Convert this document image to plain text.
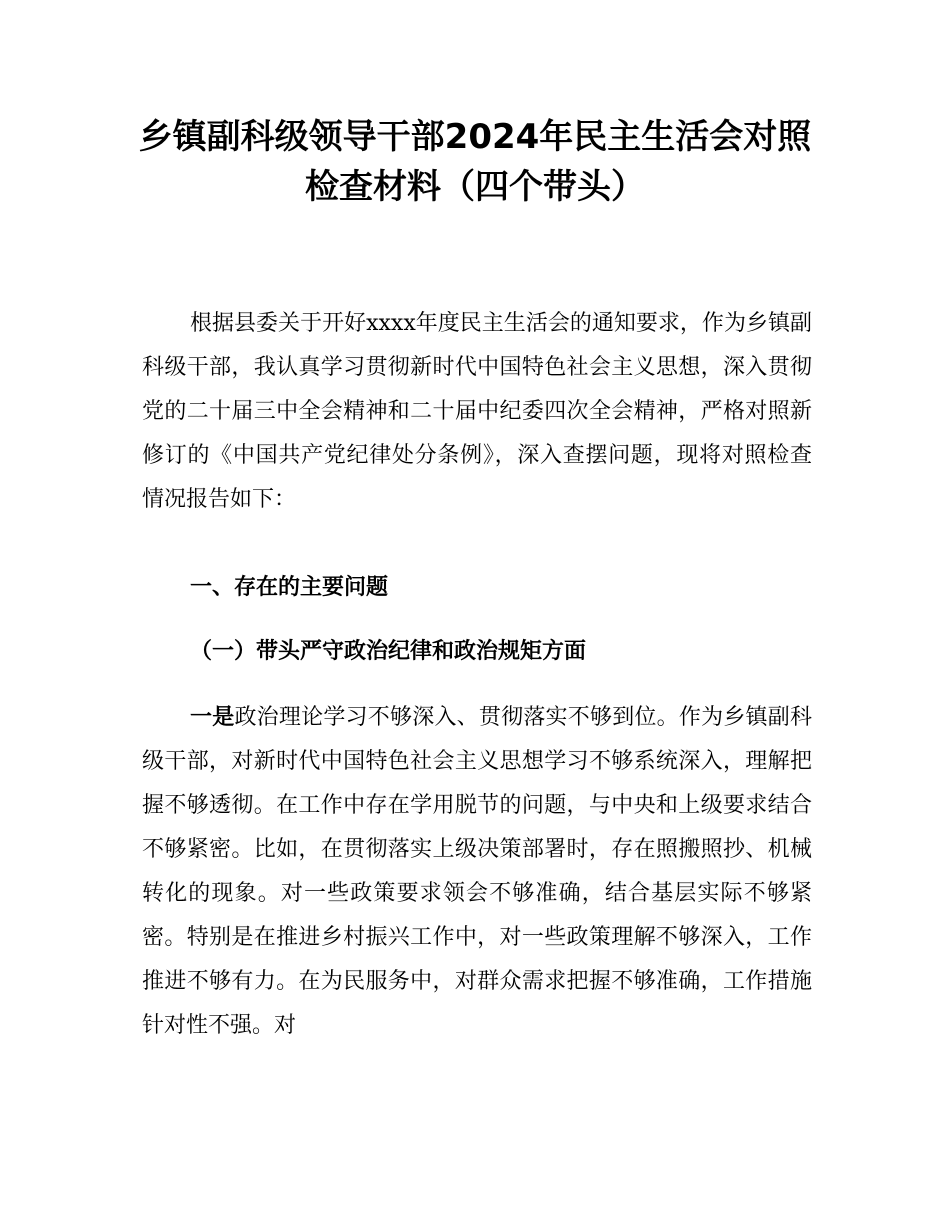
乡镇副科级领导干部2024年民主生活会对照
检查材料（四个带头）

根据县委关于开好xxxx年度民主生活会的通知要求，作为乡镇副科级干部，我认真学习贯彻新时代中国特色社会主义思想，深入贯彻党的二十届三中全会精神和二十届中纪委四次全会精神，严格对照新修订的《中国共产党纪律处分条例》，深入查摆问题，现将对照检查情况报告如下：

一、存在的主要问题
（一）带头严守政治纪律和政治规矩方面

一是政治理论学习不够深入、贯彻落实不够到位。作为乡镇副科级干部，对新时代中国特色社会主义思想学习不够系统深入，理解把握不够透彻。在工作中存在学用脱节的问题，与中央和上级要求结合不够紧密。比如，在贯彻落实上级决策部署时，存在照搬照抄、机械转化的现象。对一些政策要求领会不够准确，结合基层实际不够紧密。特别是在推进乡村振兴工作中，对一些政策理解不够深入，工作推进不够有力。在为民服务中，对群众需求把握不够准确，工作措施针对性不强。对
